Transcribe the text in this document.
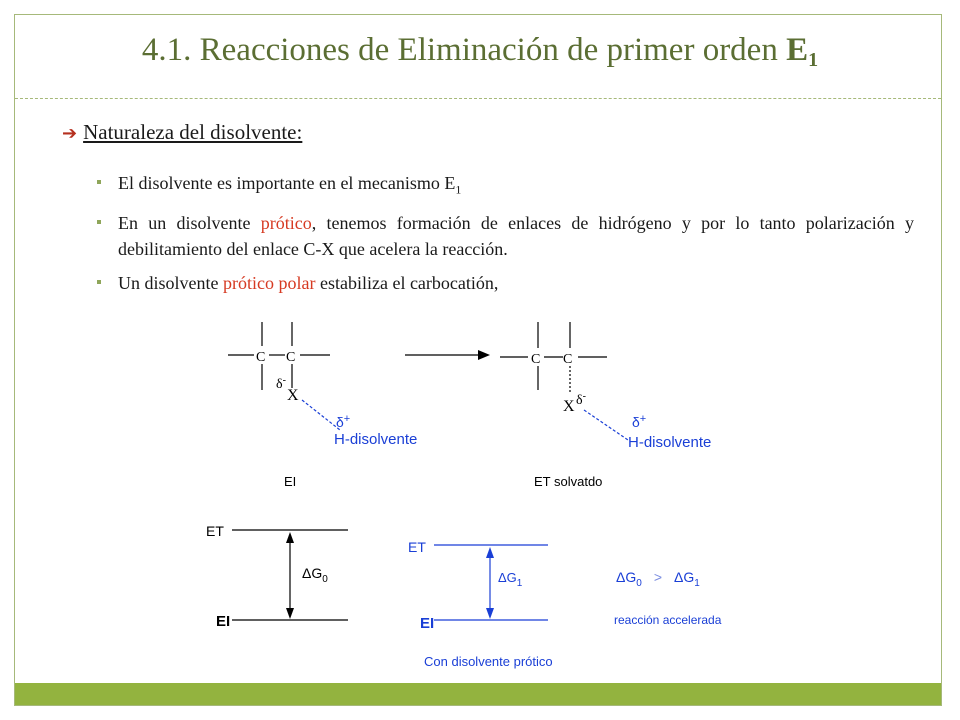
4.1. Reacciones de Eliminación de primer orden $E_1$
➔ Naturaleza del disolvente:
El disolvente es importante en el mecanismo $E_1$
En un disolvente prótico, tenemos formación de enlaces de hidrógeno y por lo tanto polarización y debilitamiento del enlace C-X que acelera la reacción.
Un disolvente prótico polar estabiliza el carbocatión,
C C
δ-
X
δ+
H-disolvente
EI
C C
X δ-
δ+
H-disolvente
ET solvatdo
ET
EI
$\Delta G_0$
ET
EI
$\Delta G_1$
Con disolvente prótico
$\Delta G_0 > \Delta G_1$
reacción accelerada
